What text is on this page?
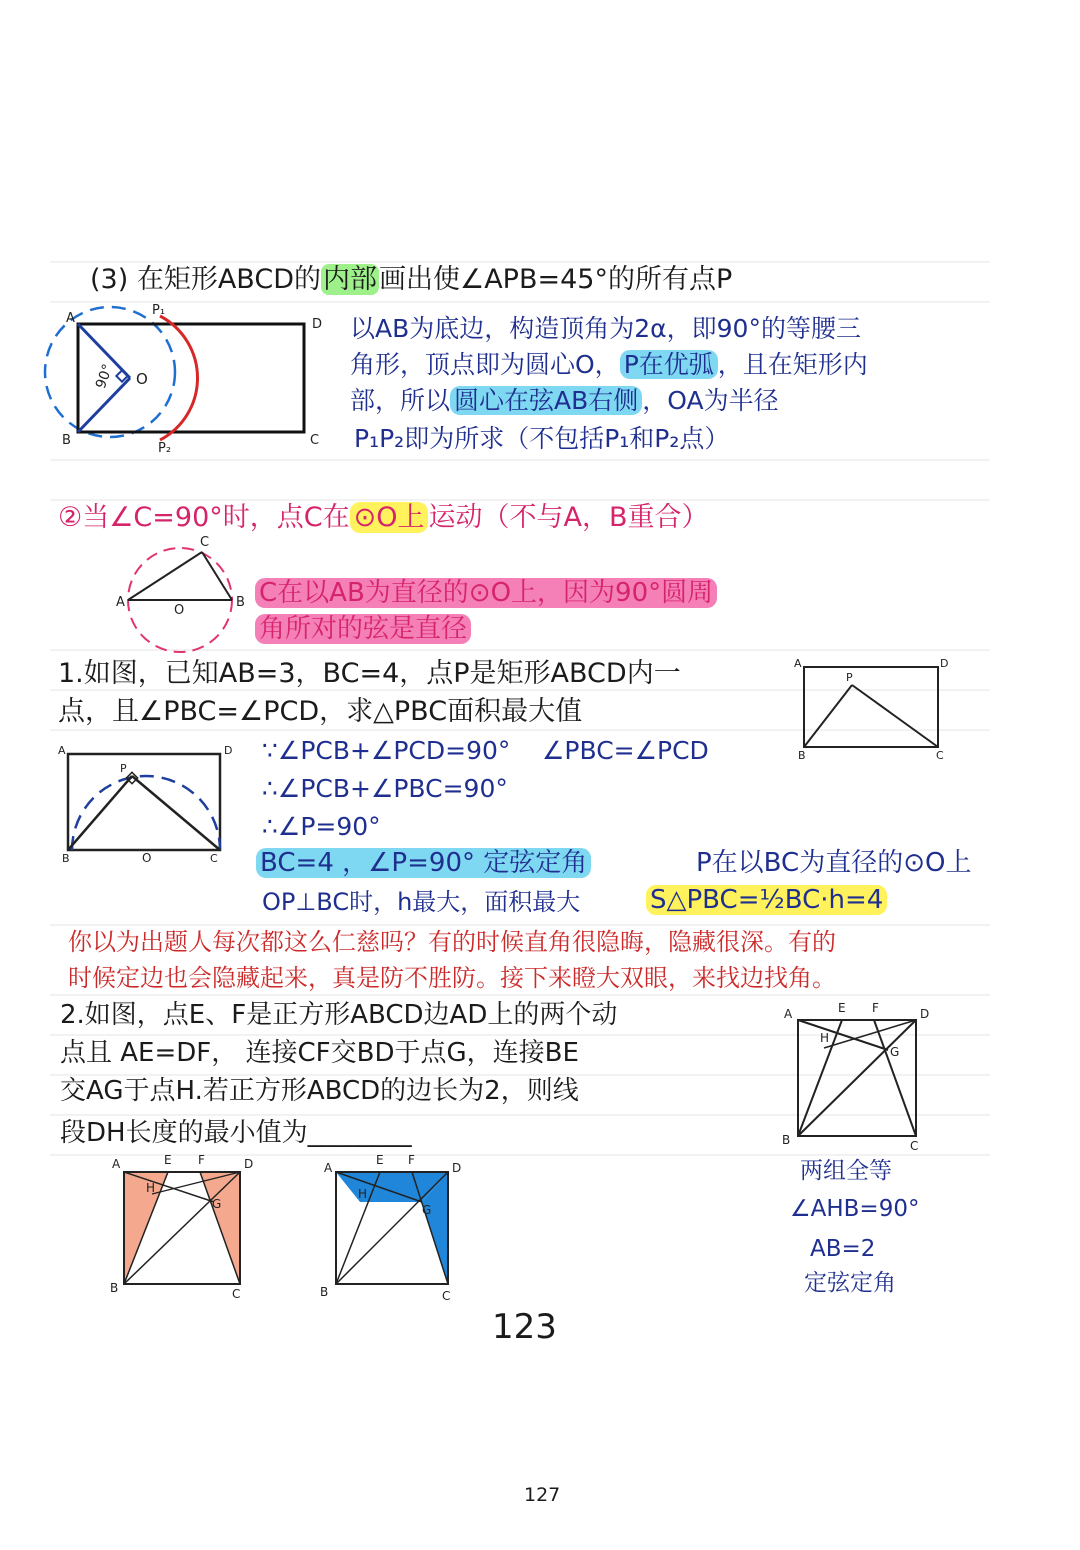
(3) 在矩形ABCD的内部画出使∠APB=45°的所有点P
A
B	C
D
P₁
P₂
O
90°
以AB为底边，构造顶角为2α，即90°的等腰三
角形，顶点即为圆心O， P在优弧 ，且在矩形内
部，所以 圆心在弦AB右侧 ，OA为半径
P₁P₂即为所求（不包括P₁和P₂点）
②当∠C=90°时，点C在 ⊙O上 运动（不与A，B重合）
A	B
C
O
C在以AB为直径的⊙O上，因为90°圆周
角所对的弦是直径
1.如图，已知AB=3，BC=4，点P是矩形ABCD内一
点，且∠PBC=∠PCD，求△PBC面积最大值
A	D
B	C
P
A	D
B	C
P
O
∵∠PCB+∠PCD=90° ∠PBC=∠PCD
∴∠PCB+∠PBC=90°
∴∠P=90°
BC=4 ，∠P=90° 定弦定角	P在以BC为直径的⊙O上
OP⊥BC时，h最大，面积最大	S△PBC=½BC·h=4
你以为出题人每次都这么仁慈吗？有的时候直角很隐晦，隐藏很深。有的
时候定边也会隐藏起来，真是防不胜防。接下来瞪大双眼，来找边找角。
2.如图，点E、F是正方形ABCD边AD上的两个动
点且 AE=DF， 连接CF交BD于点G，连接BE
交AG于点H.若正方形ABCD的边长为2，则线
段DH长度的最小值为________
A	D
B	C
E F
G
H
A	D
B	C
E F
G
H
A	D
B	C
E F
G
H
两组全等
∠AHB=90°
AB=2
定弦定角
123
127
